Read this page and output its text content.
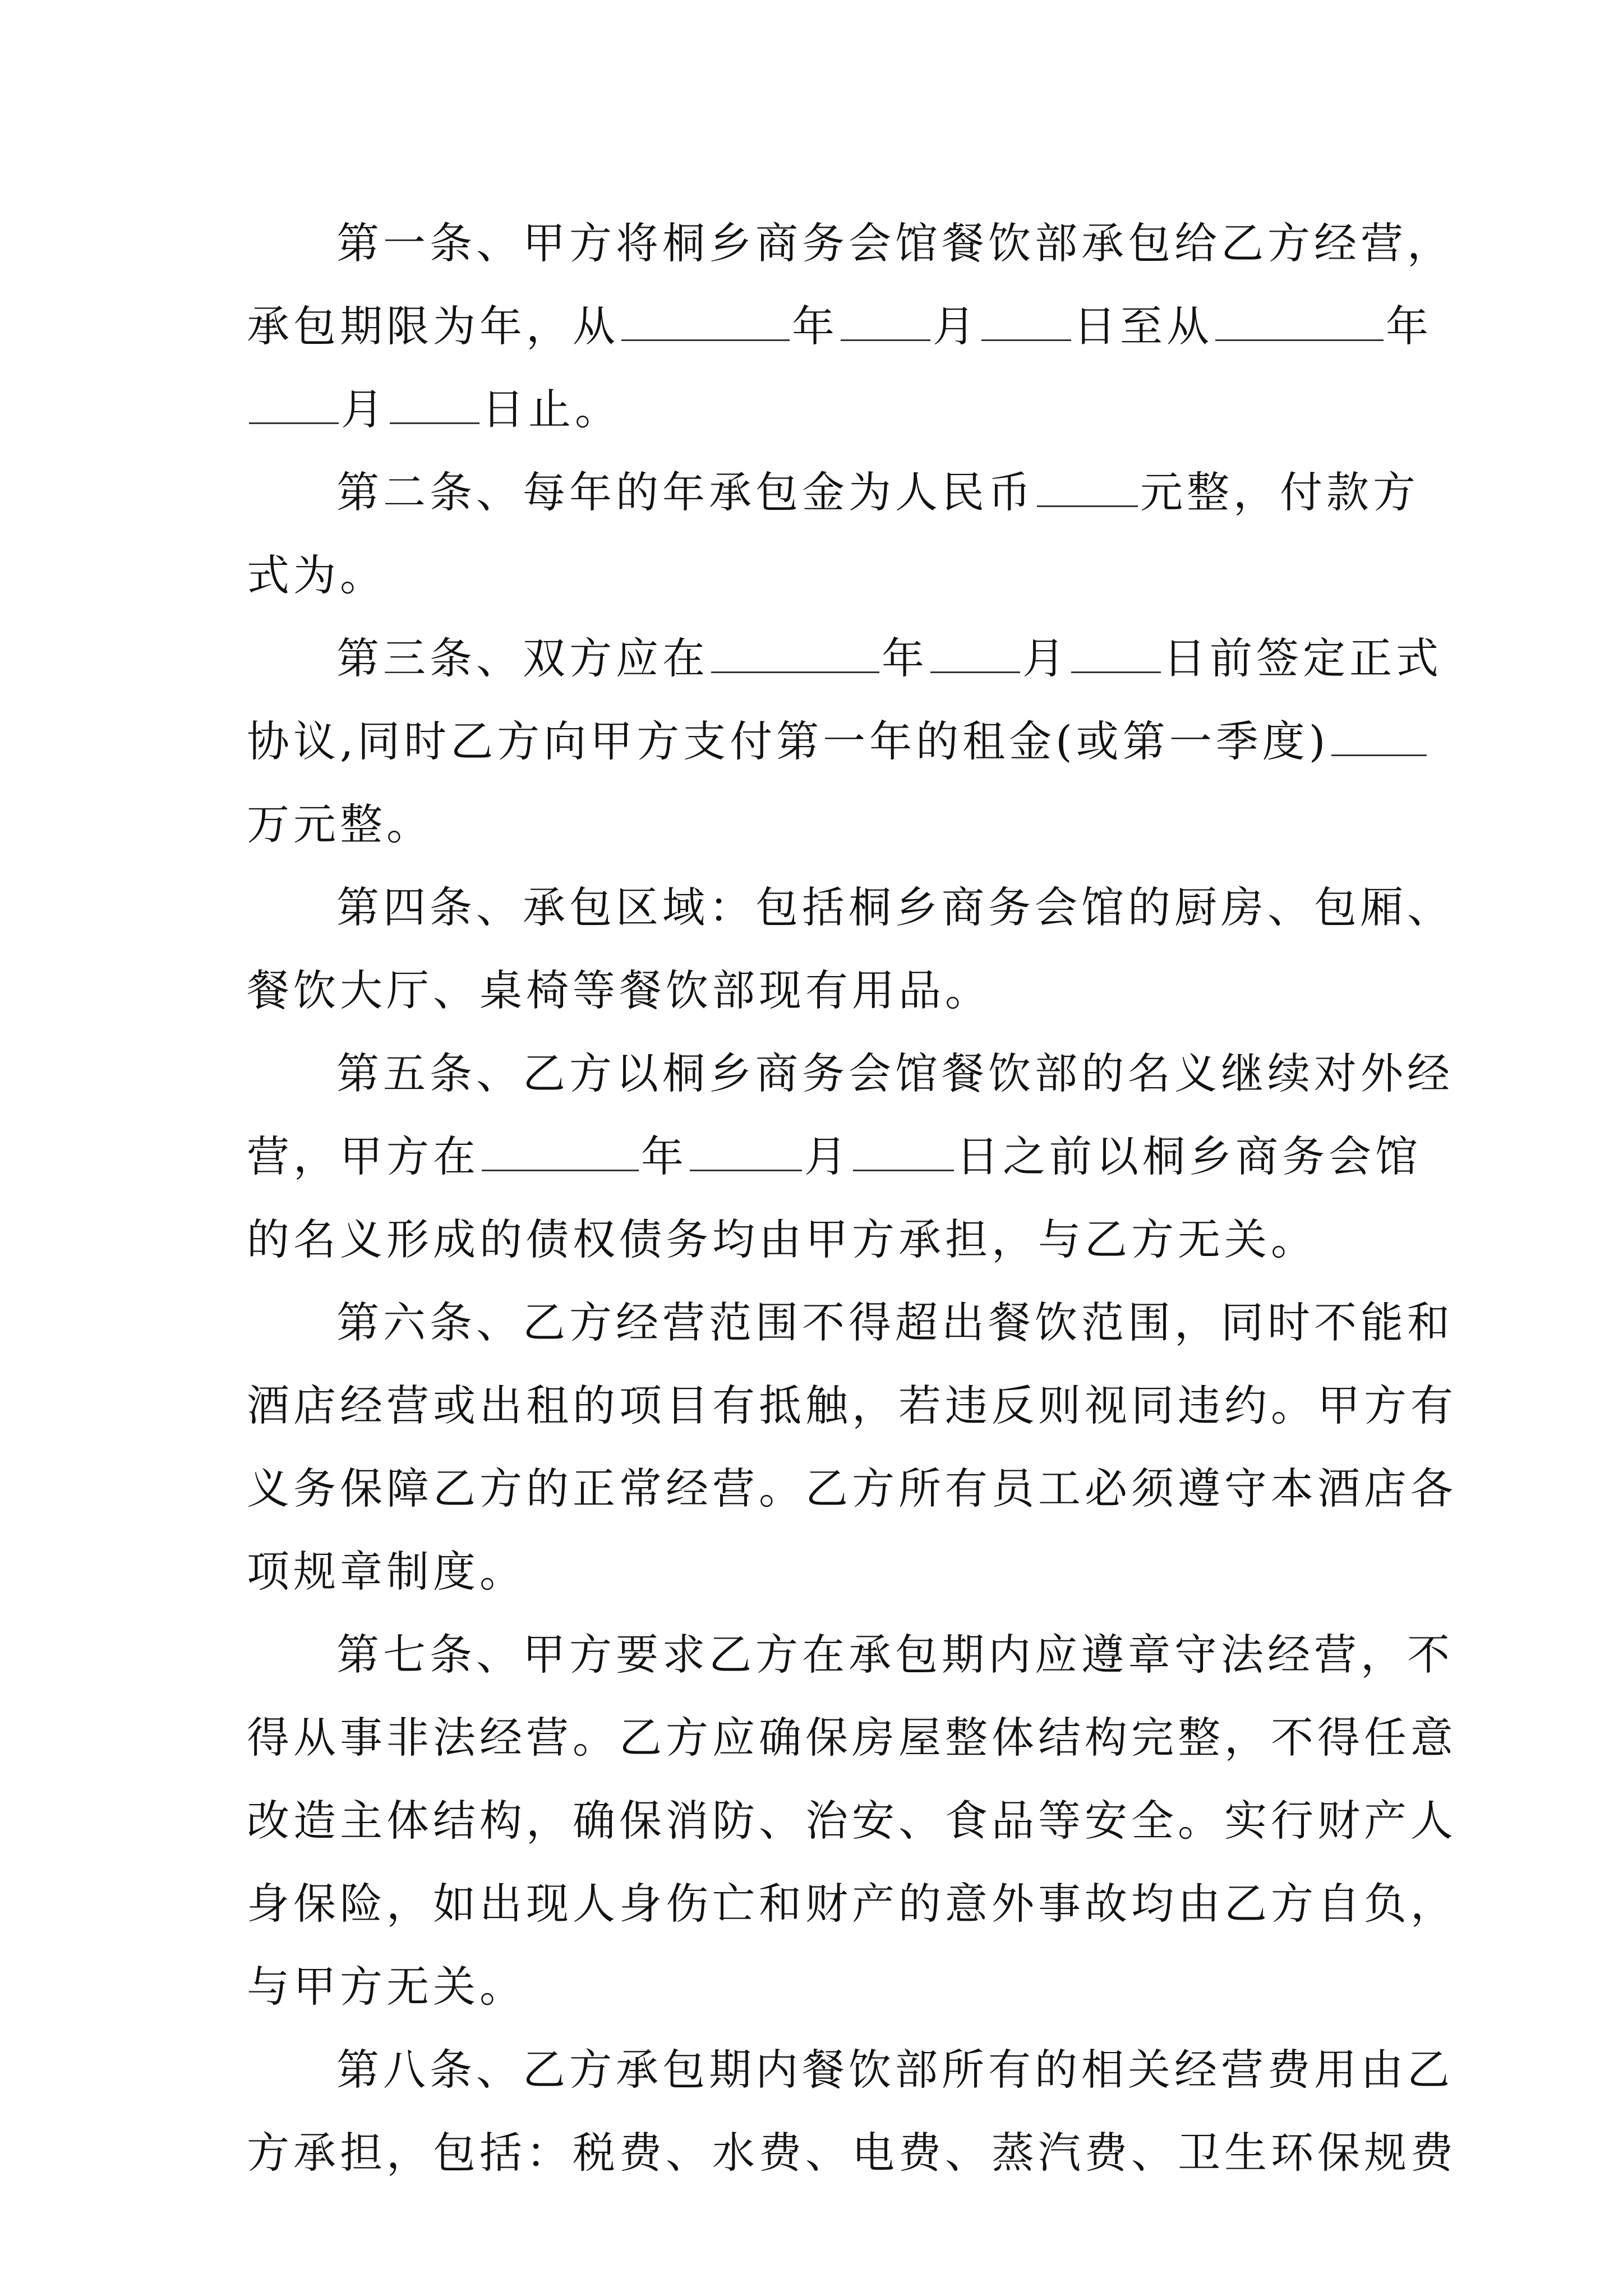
第一条、甲方将桐乡商务会馆餐饮部承包给乙方经营，
承包期限为年，从	年 月 日至从	年
月 日止。
第二条、每年的年承包金为人民币 元整，付款方
式为。
第三条、双方应在	年 月 日前签定正式
协议,同时乙方向甲方支付第一年的租金(或第一季度)
万元整。
第四条、承包区域：包括桐乡商务会馆的厨房、包厢、
餐饮大厅、桌椅等餐饮部现有用品。
第五条、乙方以桐乡商务会馆餐饮部的名义继续对外经
营，甲方在	年	月 日之前以桐乡商务会馆
的名义形成的债权债务均由甲方承担，与乙方无关。
第六条、乙方经营范围不得超出餐饮范围，同时不能和
酒店经营或出租的项目有抵触，若违反则视同违约。甲方有
义务保障乙方的正常经营。乙方所有员工必须遵守本酒店各
项规章制度。
第七条、甲方要求乙方在承包期内应遵章守法经营，不
得从事非法经营。乙方应确保房屋整体结构完整，不得任意
改造主体结构，确保消防、治安、食品等安全。实行财产人
身保险，如出现人身伤亡和财产的意外事故均由乙方自负，
与甲方无关。
第八条、乙方承包期内餐饮部所有的相关经营费用由乙
方承担，包括：税费、水费、电费、蒸汽费、卫生环保规费
